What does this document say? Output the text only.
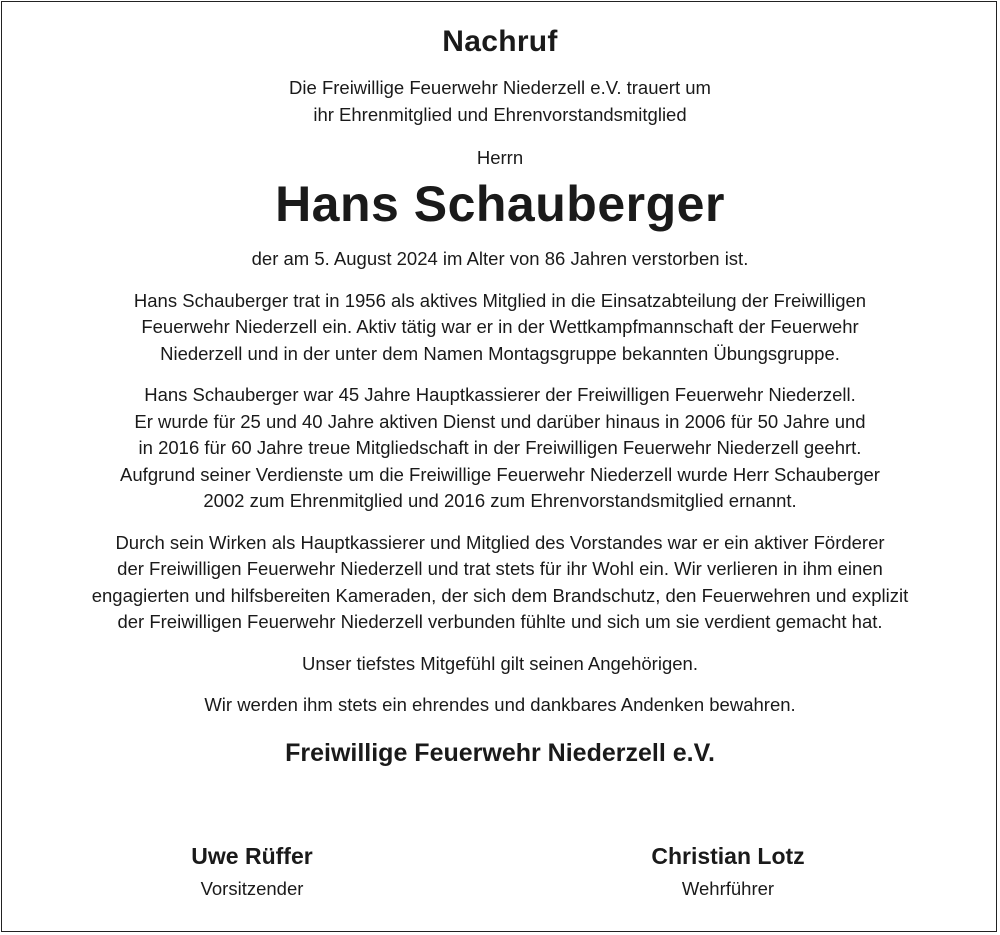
Nachruf

Die Freiwillige Feuerwehr Niederzell e.V. trauert um
ihr Ehrenmitglied und Ehrenvorstandsmitglied

Herrn

Hans Schauberger

der am 5. August 2024 im Alter von 86 Jahren verstorben ist.

Hans Schauberger trat in 1956 als aktives Mitglied in die Einsatzabteilung der Freiwilligen
Feuerwehr Niederzell ein. Aktiv tätig war er in der Wettkampfmannschaft der Feuerwehr
Niederzell und in der unter dem Namen Montagsgruppe bekannten Übungsgruppe.

Hans Schauberger war 45 Jahre Hauptkassierer der Freiwilligen Feuerwehr Niederzell.
Er wurde für 25 und 40 Jahre aktiven Dienst und darüber hinaus in 2006 für 50 Jahre und
in 2016 für 60 Jahre treue Mitgliedschaft in der Freiwilligen Feuerwehr Niederzell geehrt.
Aufgrund seiner Verdienste um die Freiwillige Feuerwehr Niederzell wurde Herr Schauberger
2002 zum Ehrenmitglied und 2016 zum Ehrenvorstandsmitglied ernannt.

Durch sein Wirken als Hauptkassierer und Mitglied des Vorstandes war er ein aktiver Förderer
der Freiwilligen Feuerwehr Niederzell und trat stets für ihr Wohl ein. Wir verlieren in ihm einen
engagierten und hilfsbereiten Kameraden, der sich dem Brandschutz, den Feuerwehren und explizit
der Freiwilligen Feuerwehr Niederzell verbunden fühlte und sich um sie verdient gemacht hat.

Unser tiefstes Mitgefühl gilt seinen Angehörigen.

Wir werden ihm stets ein ehrendes und dankbares Andenken bewahren.

Freiwillige Feuerwehr Niederzell e.V.
Uwe Rüffer
Vorsitzender
Christian Lotz
Wehrführer
